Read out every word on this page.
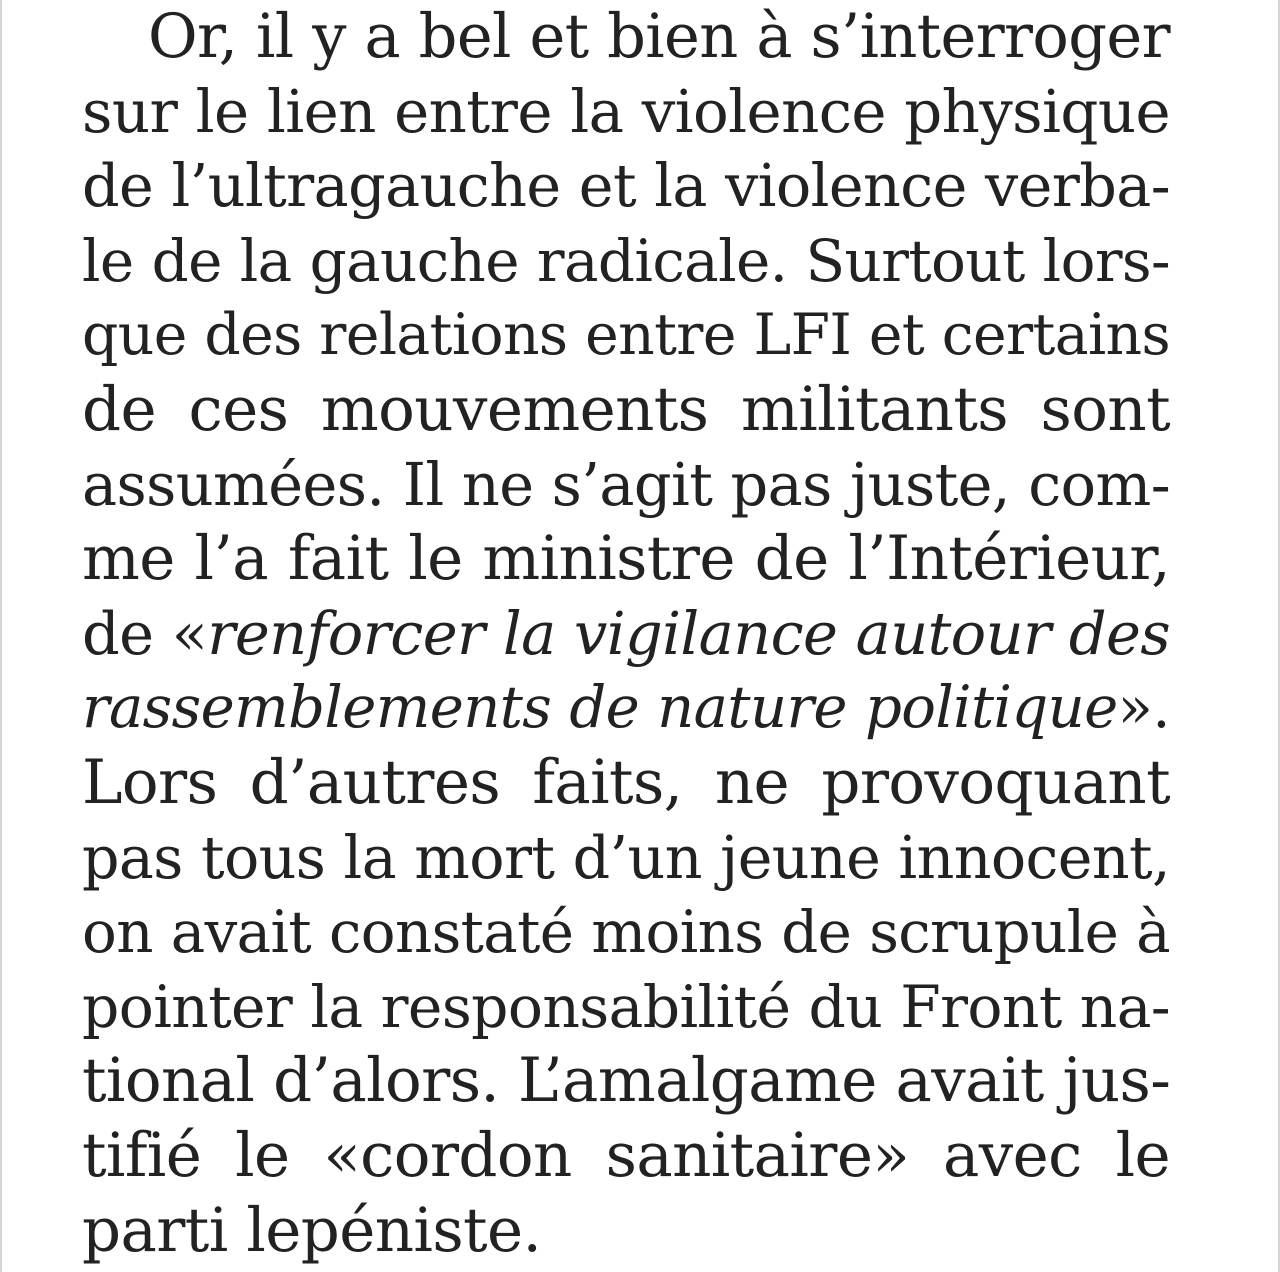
Or, il y a bel et bien à s’interroger
sur le lien entre la violence physique
de l’ultragauche et la violence verba-
le de la gauche radicale. Surtout lors-
que des relations entre LFI et certains
de ces mouvements militants sont
assumées. Il ne s’agit pas juste, com-
me l’a fait le ministre de l’Intérieur,
de «renforcer la vigilance autour des
rassemblements de nature politique».
Lors d’autres faits, ne provoquant
pas tous la mort d’un jeune innocent,
on avait constaté moins de scrupule à
pointer la responsabilité du Front na-
tional d’alors. L’amalgame avait jus-
tifié le «cordon sanitaire» avec le
parti lepéniste.
